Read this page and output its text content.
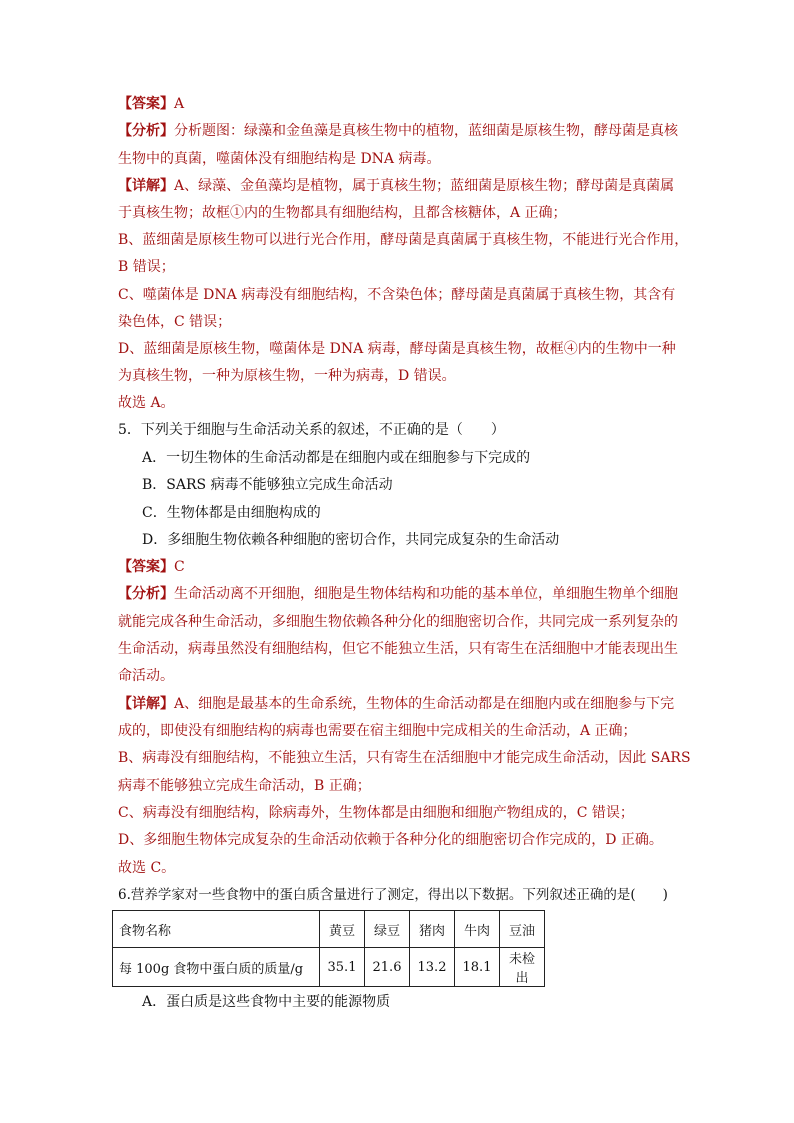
【答案】A
【分析】分析题图：绿藻和金鱼藻是真核生物中的植物，蓝细菌是原核生物，酵母菌是真核
生物中的真菌，噬菌体没有细胞结构是 DNA 病毒。
【详解】A、绿藻、金鱼藻均是植物，属于真核生物；蓝细菌是原核生物；酵母菌是真菌属
于真核生物；故框①内的生物都具有细胞结构，且都含核糖体，A 正确；
B、蓝细菌是原核生物可以进行光合作用，酵母菌是真菌属于真核生物，不能进行光合作用，
B 错误；
C、噬菌体是 DNA 病毒没有细胞结构，不含染色体；酵母菌是真菌属于真核生物，其含有
染色体，C 错误；
D、蓝细菌是原核生物，噬菌体是 DNA 病毒，酵母菌是真核生物，故框④内的生物中一种
为真核生物，一种为原核生物，一种为病毒，D 错误。
故选 A。
5．下列关于细胞与生命活动关系的叙述，不正确的是（　　）
A．一切生物体的生命活动都是在细胞内或在细胞参与下完成的
B．SARS 病毒不能够独立完成生命活动
C．生物体都是由细胞构成的
D．多细胞生物依赖各种细胞的密切合作，共同完成复杂的生命活动
【答案】C
【分析】生命活动离不开细胞，细胞是生物体结构和功能的基本单位，单细胞生物单个细胞
就能完成各种生命活动，多细胞生物依赖各种分化的细胞密切合作，共同完成一系列复杂的
生命活动，病毒虽然没有细胞结构，但它不能独立生活，只有寄生在活细胞中才能表现出生
命活动。
【详解】A、细胞是最基本的生命系统，生物体的生命活动都是在细胞内或在细胞参与下完
成的，即使没有细胞结构的病毒也需要在宿主细胞中完成相关的生命活动，A 正确；
B、病毒没有细胞结构，不能独立生活，只有寄生在活细胞中才能完成生命活动，因此 SARS
病毒不能够独立完成生命活动，B 正确；
C、病毒没有细胞结构，除病毒外，生物体都是由细胞和细胞产物组成的，C 错误；
D、多细胞生物体完成复杂的生命活动依赖于各种分化的细胞密切合作完成的，D 正确。
故选 C。
6.营养学家对一些食物中的蛋白质含量进行了测定，得出以下数据。下列叙述正确的是(　　)
食物名称	黄豆	绿豆	猪肉	牛肉	豆油
每 100g 食物中蛋白质的质量/g	35.1	21.6	13.2	18.1	未检出
A．蛋白质是这些食物中主要的能源物质
